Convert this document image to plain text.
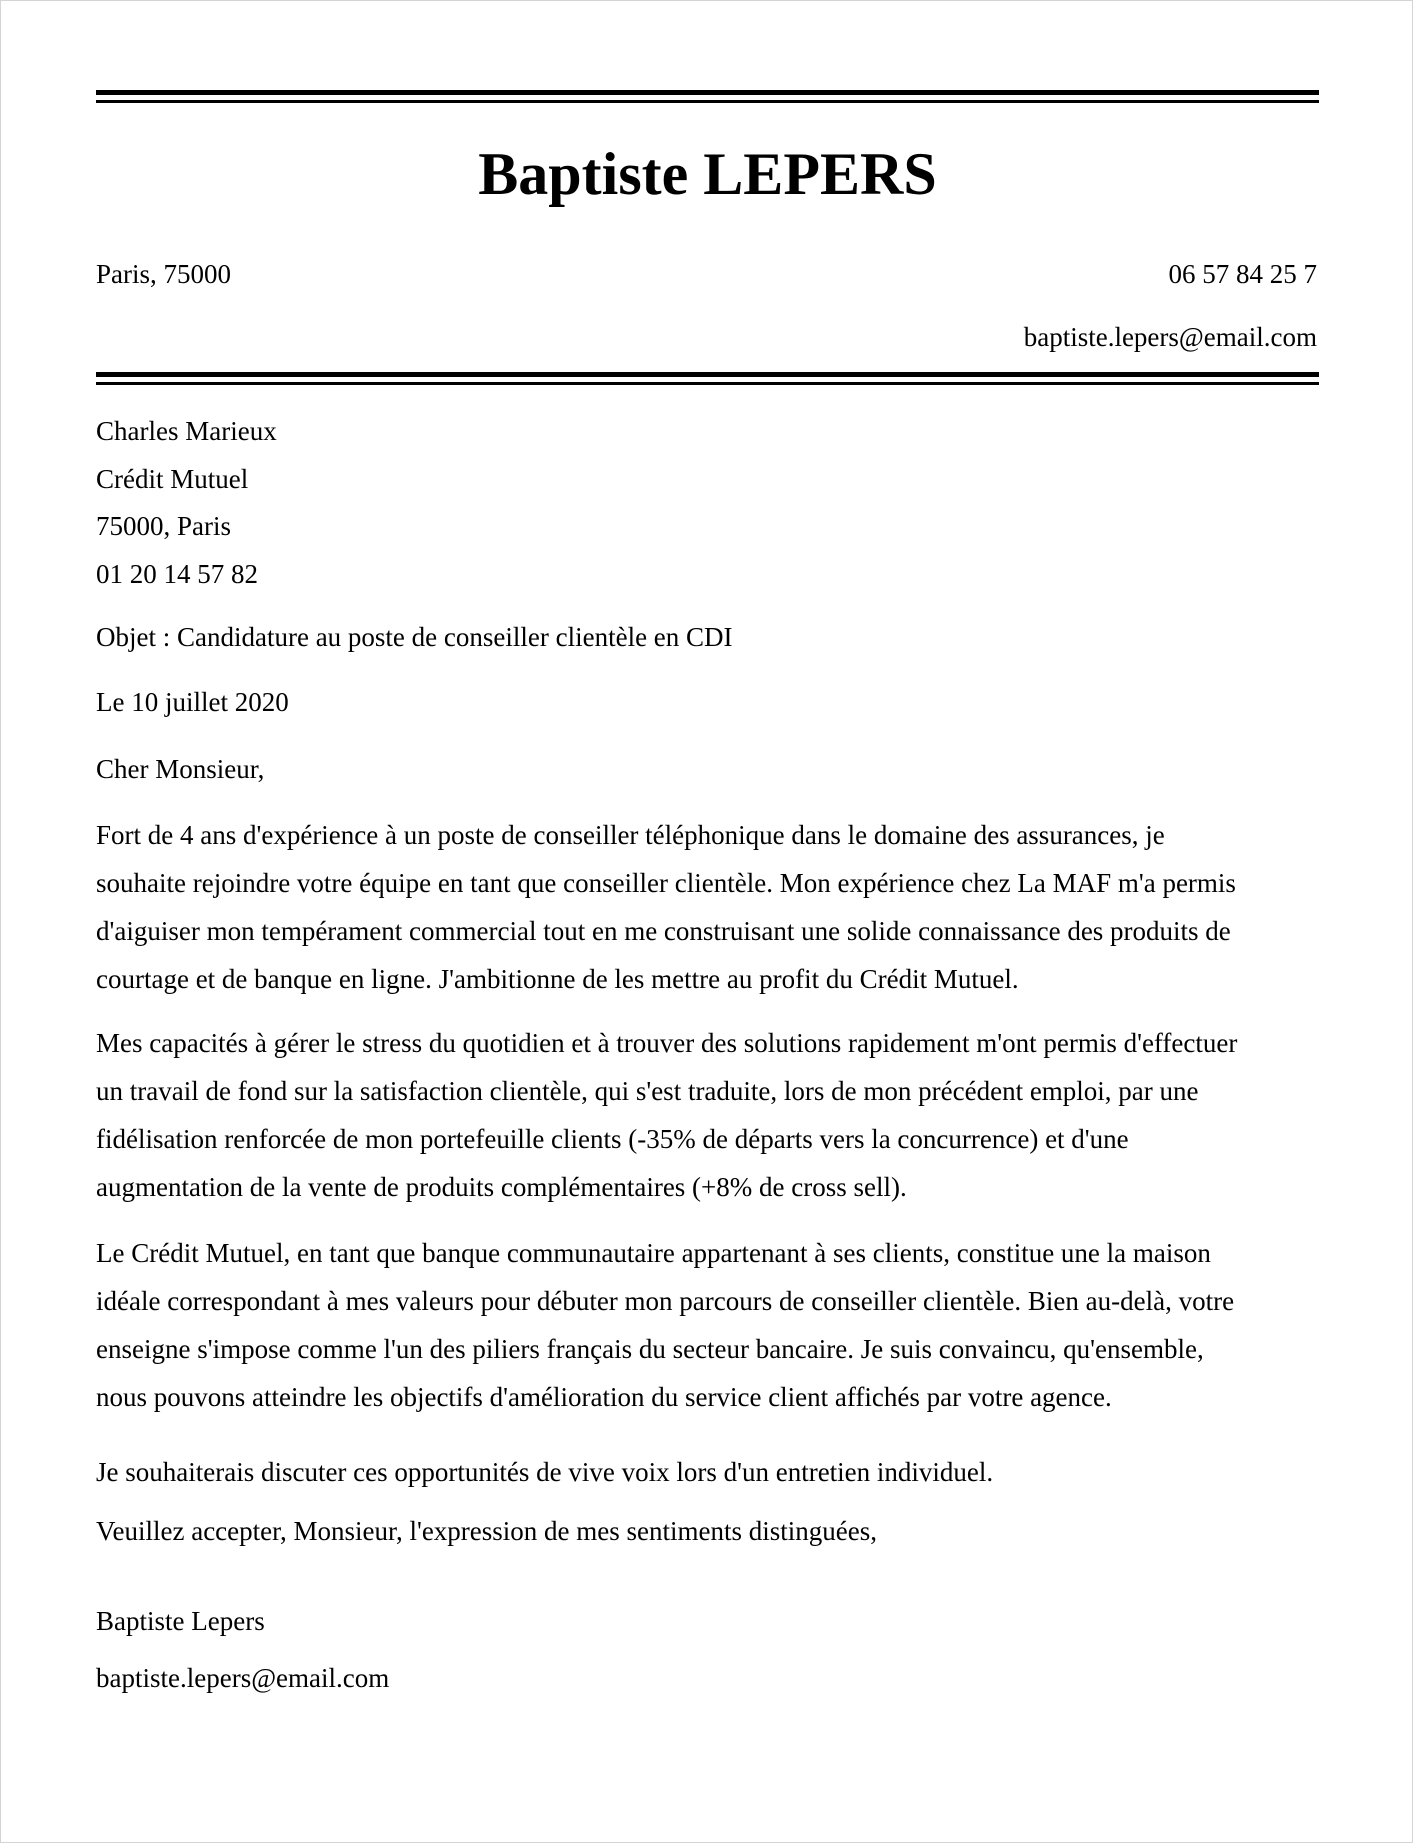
Baptiste LEPERS
Paris, 75000	06 57 84 25 7
baptiste.lepers@email.com
Charles Marieux
Crédit Mutuel
75000, Paris
01 20 14 57 82
Objet : Candidature au poste de conseiller clientèle en CDI
Le 10 juillet 2020
Cher Monsieur,
Fort de 4 ans d'expérience à un poste de conseiller téléphonique dans le domaine des assurances, je
souhaite rejoindre votre équipe en tant que conseiller clientèle. Mon expérience chez La MAF m'a permis
d'aiguiser mon tempérament commercial tout en me construisant une solide connaissance des produits de
courtage et de banque en ligne. J'ambitionne de les mettre au profit du Crédit Mutuel.
Mes capacités à gérer le stress du quotidien et à trouver des solutions rapidement m'ont permis d'effectuer
un travail de fond sur la satisfaction clientèle, qui s'est traduite, lors de mon précédent emploi, par une
fidélisation renforcée de mon portefeuille clients (-35% de départs vers la concurrence) et d'une
augmentation de la vente de produits complémentaires (+8% de cross sell).
Le Crédit Mutuel, en tant que banque communautaire appartenant à ses clients, constitue une la maison
idéale correspondant à mes valeurs pour débuter mon parcours de conseiller clientèle. Bien au-delà, votre
enseigne s'impose comme l'un des piliers français du secteur bancaire. Je suis convaincu, qu'ensemble,
nous pouvons atteindre les objectifs d'amélioration du service client affichés par votre agence.
Je souhaiterais discuter ces opportunités de vive voix lors d'un entretien individuel.
Veuillez accepter, Monsieur, l'expression de mes sentiments distinguées,
Baptiste Lepers
baptiste.lepers@email.com
